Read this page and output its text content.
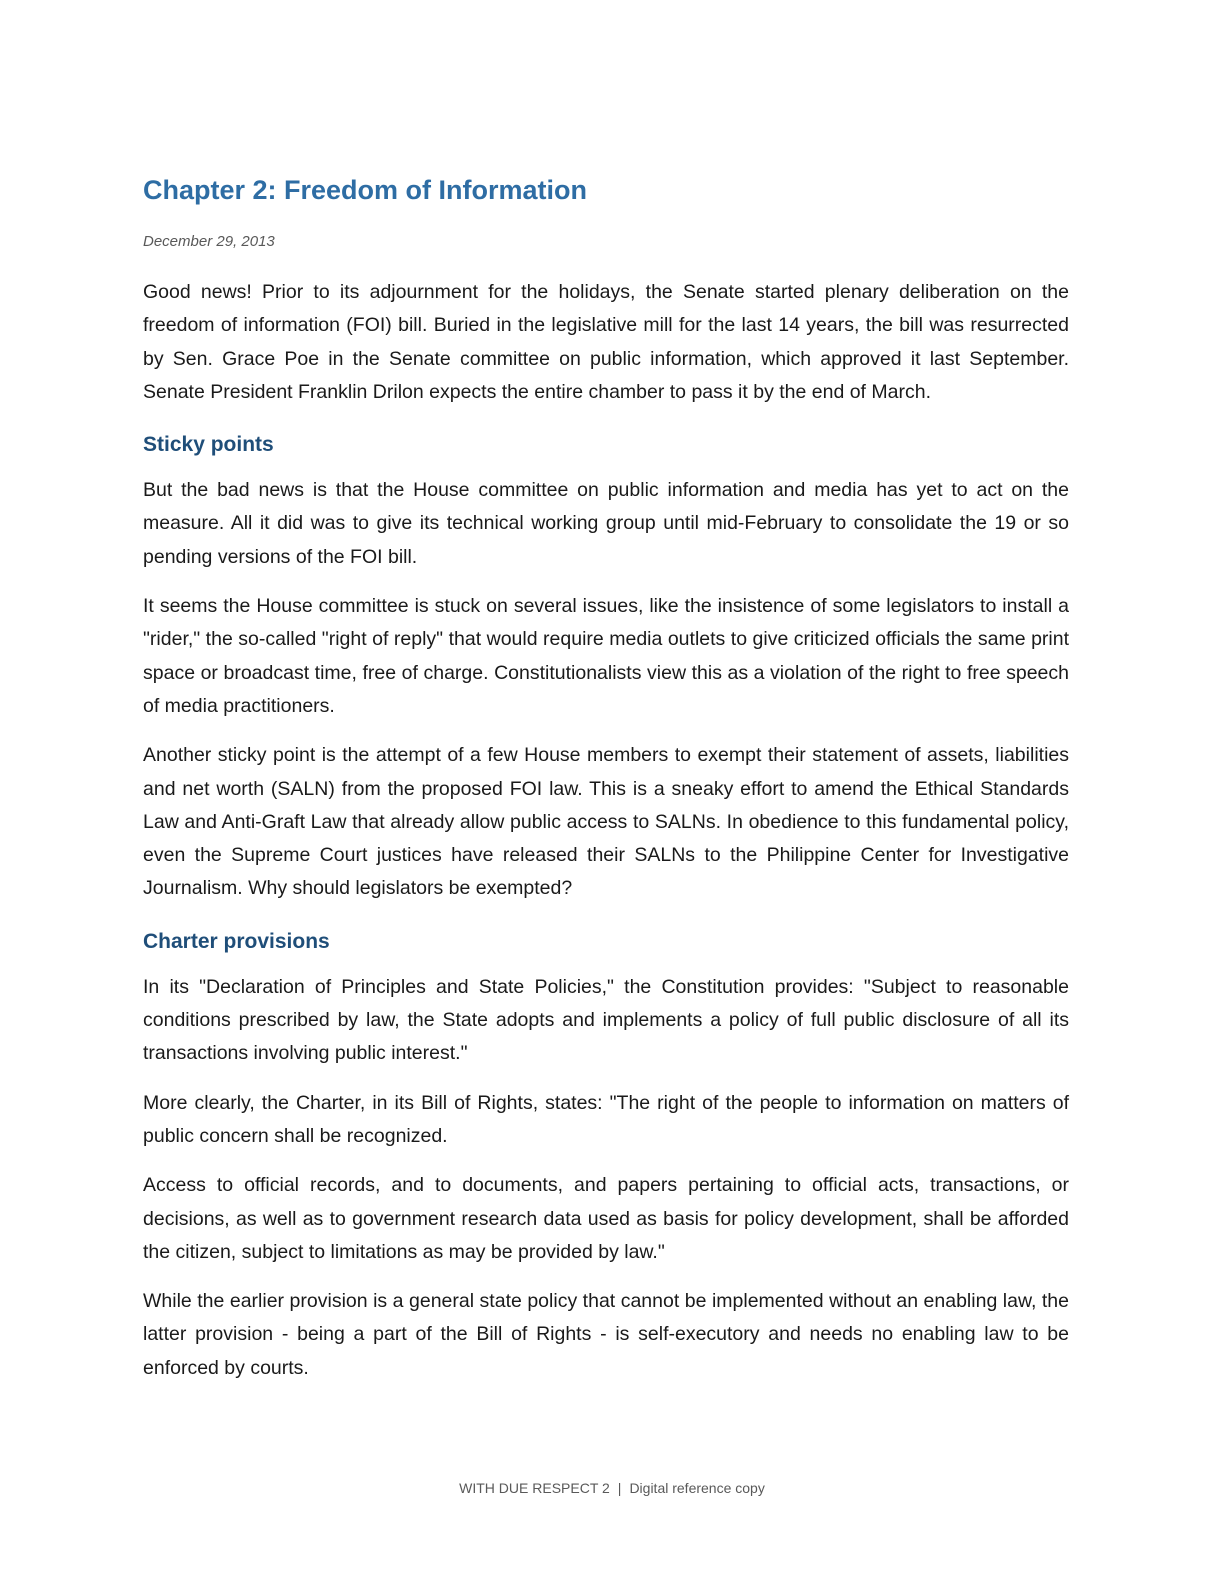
Chapter 2: Freedom of Information
December 29, 2013

Good news! Prior to its adjournment for the holidays, the Senate started plenary deliberation on the freedom of information (FOI) bill. Buried in the legislative mill for the last 14 years, the bill was resurrected by Sen. Grace Poe in the Senate committee on public information, which approved it last September. Senate President Franklin Drilon expects the entire chamber to pass it by the end of March.

Sticky points

But the bad news is that the House committee on public information and media has yet to act on the measure. All it did was to give its technical working group until mid-February to consolidate the 19 or so pending versions of the FOI bill.

It seems the House committee is stuck on several issues, like the insistence of some legislators to install a "rider," the so-called "right of reply" that would require media outlets to give criticized officials the same print space or broadcast time, free of charge. Constitutionalists view this as a violation of the right to free speech of media practitioners.

Another sticky point is the attempt of a few House members to exempt their statement of assets, liabilities and net worth (SALN) from the proposed FOI law. This is a sneaky effort to amend the Ethical Standards Law and Anti-Graft Law that already allow public access to SALNs. In obedience to this fundamental policy, even the Supreme Court justices have released their SALNs to the Philippine Center for Investigative Journalism. Why should legislators be exempted?

Charter provisions

In its "Declaration of Principles and State Policies," the Constitution provides: "Subject to reasonable conditions prescribed by law, the State adopts and implements a policy of full public disclosure of all its transactions involving public interest."

More clearly, the Charter, in its Bill of Rights, states: "The right of the people to information on matters of public concern shall be recognized.

Access to official records, and to documents, and papers pertaining to official acts, transactions, or decisions, as well as to government research data used as basis for policy development, shall be afforded the citizen, subject to limitations as may be provided by law."

While the earlier provision is a general state policy that cannot be implemented without an enabling law, the latter provision - being a part of the Bill of Rights - is self-executory and needs no enabling law to be enforced by courts.

WITH DUE RESPECT 2 | Digital reference copy
